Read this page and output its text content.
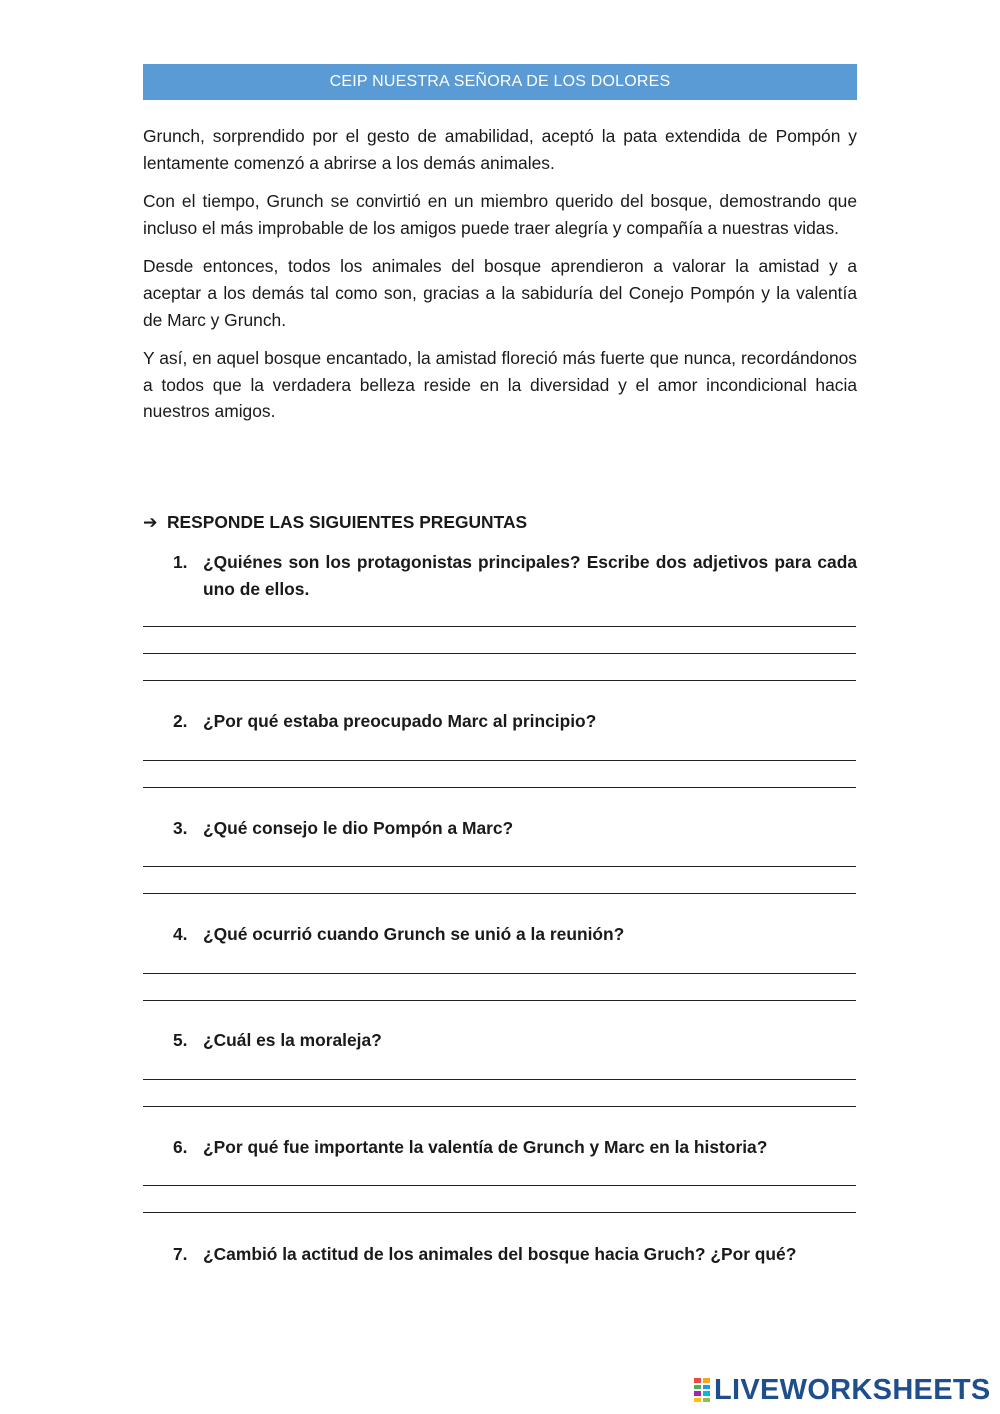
CEIP NUESTRA SEÑORA DE LOS DOLORES

Grunch, sorprendido por el gesto de amabilidad, aceptó la pata extendida de Pompón y lentamente comenzó a abrirse a los demás animales.

Con el tiempo, Grunch se convirtió en un miembro querido del bosque, demostrando que incluso el más improbable de los amigos puede traer alegría y compañía a nuestras vidas.

Desde entonces, todos los animales del bosque aprendieron a valorar la amistad y a aceptar a los demás tal como son, gracias a la sabiduría del Conejo Pompón y la valentía de Marc y Grunch.

Y así, en aquel bosque encantado, la amistad floreció más fuerte que nunca, recordándonos a todos que la verdadera belleza reside en la diversidad y el amor incondicional hacia nuestros amigos.

➔ RESPONDE LAS SIGUIENTES PREGUNTAS
1. ¿Quiénes son los protagonistas principales? Escribe dos adjetivos para cada uno de ellos.
2. ¿Por qué estaba preocupado Marc al principio?
3. ¿Qué consejo le dio Pompón a Marc?
4. ¿Qué ocurrió cuando Grunch se unió a la reunión?
5. ¿Cuál es la moraleja?
6. ¿Por qué fue importante la valentía de Grunch y Marc en la historia?
7. ¿Cambió la actitud de los animales del bosque hacia Gruch? ¿Por qué?
LIVEWORKSHEETS
